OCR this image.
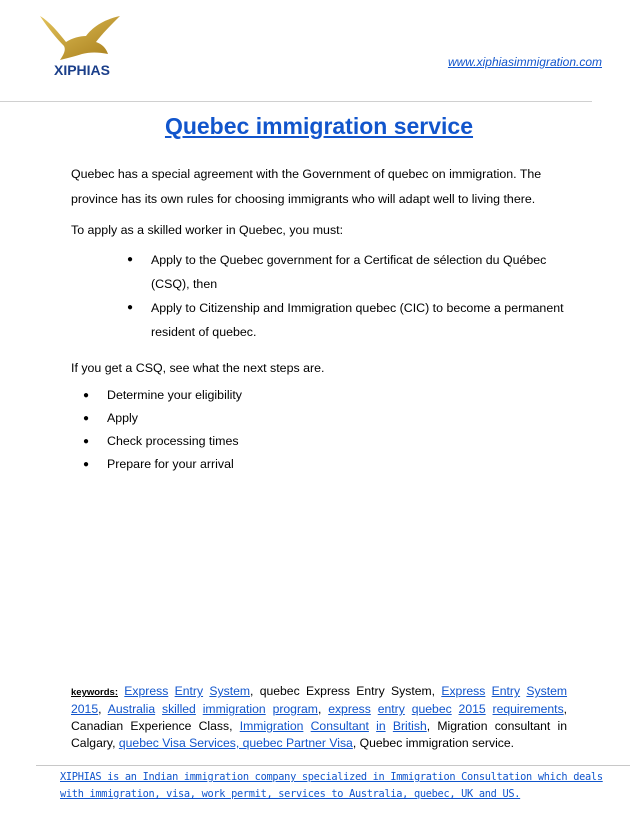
XIPHIAS	www.xiphiasimmigration.com
Quebec immigration service

Quebec has a special agreement with the Government of quebec on immigration. The province has its own rules for choosing immigrants who will adapt well to living there.

To apply as a skilled worker in Quebec, you must:

● Apply to the Quebec government for a Certificat de sélection du Québec (CSQ), then
● Apply to Citizenship and Immigration quebec (CIC) to become a permanent resident of quebec.

If you get a CSQ, see what the next steps are.

● Determine your eligibility
● Apply
● Check processing times
● Prepare for your arrival
keywords: Express Entry System, quebec Express Entry System, Express Entry System 2015, Australia skilled immigration program, express entry quebec 2015 requirements, Canadian Experience Class, Immigration Consultant in British, Migration consultant in Calgary, quebec Visa Services, quebec Partner Visa, Quebec immigration service.
XIPHIAS is an Indian immigration company specialized in Immigration Consultation which deals
with immigration, visa, work permit, services to Australia, quebec, UK and US.
